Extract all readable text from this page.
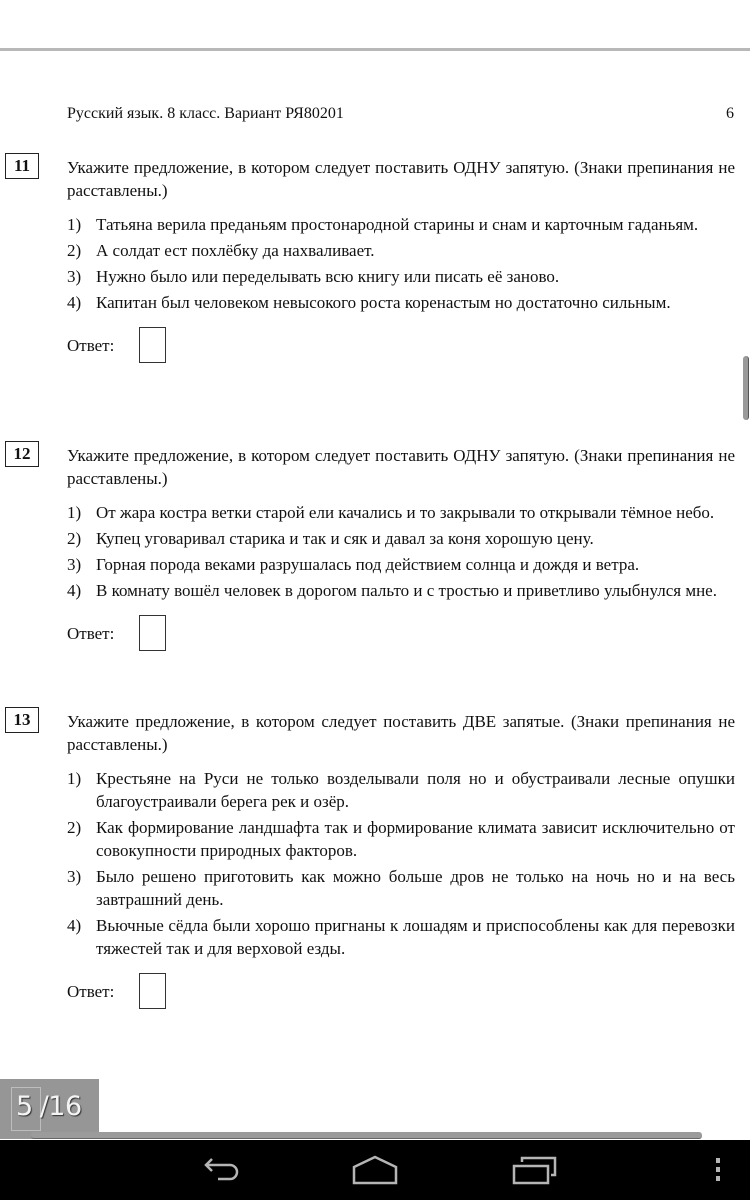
Русский язык. 8 класс. Вариант РЯ80201	6
11	Укажите предложение, в котором следует поставить ОДНУ запятую. (Знаки препинания не расставлены.)
1) Татьяна верила преданьям простонародной старины и снам и карточным гаданьям.
2) А солдат ест похлёбку да нахваливает.
3) Нужно было или переделывать всю книгу или писать её заново.
4) Капитан был человеком невысокого роста коренастым но достаточно сильным.
Ответ:
12	Укажите предложение, в котором следует поставить ОДНУ запятую. (Знаки препинания не расставлены.)
1) От жара костра ветки старой ели качались и то закрывали то открывали тёмное небо.
2) Купец уговаривал старика и так и сяк и давал за коня хорошую цену.
3) Горная порода веками разрушалась под действием солнца и дождя и ветра.
4) В комнату вошёл человек в дорогом пальто и с тростью и приветливо улыбнулся мне.
Ответ:
13	Укажите предложение, в котором следует поставить ДВЕ запятые. (Знаки препинания не расставлены.)
1) Крестьяне на Руси не только возделывали поля но и обустраивали лесные опушки благоустраивали берега рек и озёр.
2) Как формирование ландшафта так и формирование климата зависит исключительно от совокупности природных факторов.
3) Было решено приготовить как можно больше дров не только на ночь но и на весь завтрашний день.
4) Вьючные сёдла были хорошо пригнаны к лошадям и приспособлены как для перевозки тяжестей так и для верховой езды.
Ответ:
5 /16
